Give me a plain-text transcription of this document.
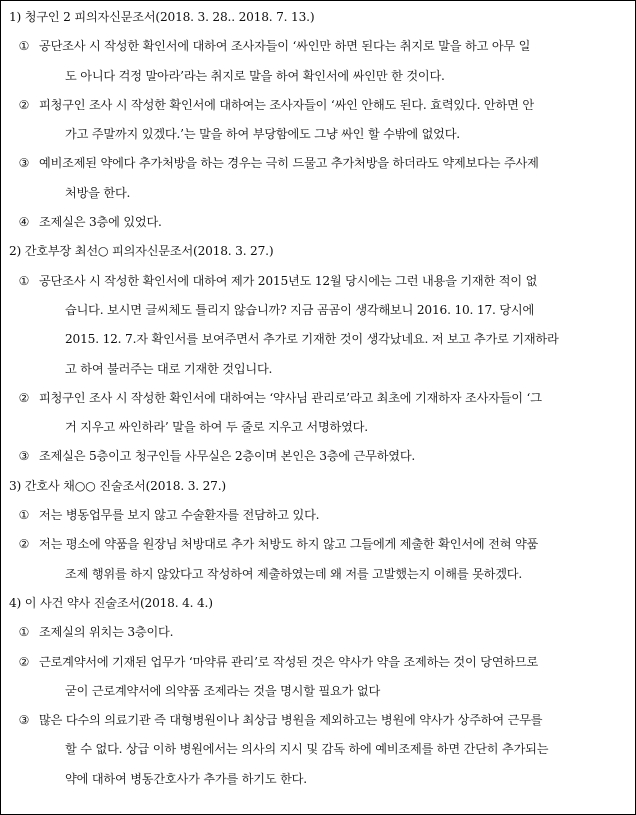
1) 청구인 2 피의자신문조서(2018. 3. 28.. 2018. 7. 13.)
① 공단조사 시 작성한 확인서에 대하여 조사자들이 ‘싸인만 하면 된다는 취지로 말을 하고 아무 일
도 아니다 걱정 말아라’라는 취지로 말을 하여 확인서에 싸인만 한 것이다.
② 피청구인 조사 시 작성한 확인서에 대하여는 조사자들이 ‘싸인 안해도 된다. 효력있다. 안하면 안
가고 주말까지 있겠다.’는 말을 하여 부당함에도 그냥 싸인 할 수밖에 없었다.
③ 예비조제된 약에다 추가처방을 하는 경우는 극히 드물고 추가처방을 하더라도 약제보다는 주사제
처방을 한다.
④ 조제실은 3층에 있었다.
2) 간호부장 최선○ 피의자신문조서(2018. 3. 27.)
① 공단조사 시 작성한 확인서에 대하여 제가 2015년도 12월 당시에는 그런 내용을 기재한 적이 없
습니다. 보시면 글씨체도 틀리지 않습니까? 지금 곰곰이 생각해보니 2016. 10. 17. 당시에
2015. 12. 7.자 확인서를 보여주면서 추가로 기재한 것이 생각났네요. 저 보고 추가로 기재하라
고 하여 불러주는 대로 기재한 것입니다.
② 피청구인 조사 시 작성한 확인서에 대하여는 ‘약사님 관리로’라고 최초에 기재하자 조사자들이 ‘그
거 지우고 싸인하라’ 말을 하여 두 줄로 지우고 서명하였다.
③ 조제실은 5층이고 청구인들 사무실은 2층이며 본인은 3층에 근무하였다.
3) 간호사 채○○ 진술조서(2018. 3. 27.)
① 저는 병동업무를 보지 않고 수술환자를 전담하고 있다.
② 저는 평소에 약품을 원장님 처방대로 추가 처방도 하지 않고 그들에게 제출한 확인서에 전혀 약품
조제 행위를 하지 않았다고 작성하여 제출하였는데 왜 저를 고발했는지 이해를 못하겠다.
4) 이 사건 약사 진술조서(2018. 4. 4.)
① 조제실의 위치는 3층이다.
② 근로계약서에 기재된 업무가 ‘마약류 관리’로 작성된 것은 약사가 약을 조제하는 것이 당연하므로
굳이 근로계약서에 의약품 조제라는 것을 명시할 필요가 없다
③ 많은 다수의 의료기관 즉 대형병원이나 최상급 병원을 제외하고는 병원에 약사가 상주하여 근무를
할 수 없다. 상급 이하 병원에서는 의사의 지시 및 감독 하에 예비조제를 하면 간단히 추가되는
약에 대하여 병동간호사가 추가를 하기도 한다.
